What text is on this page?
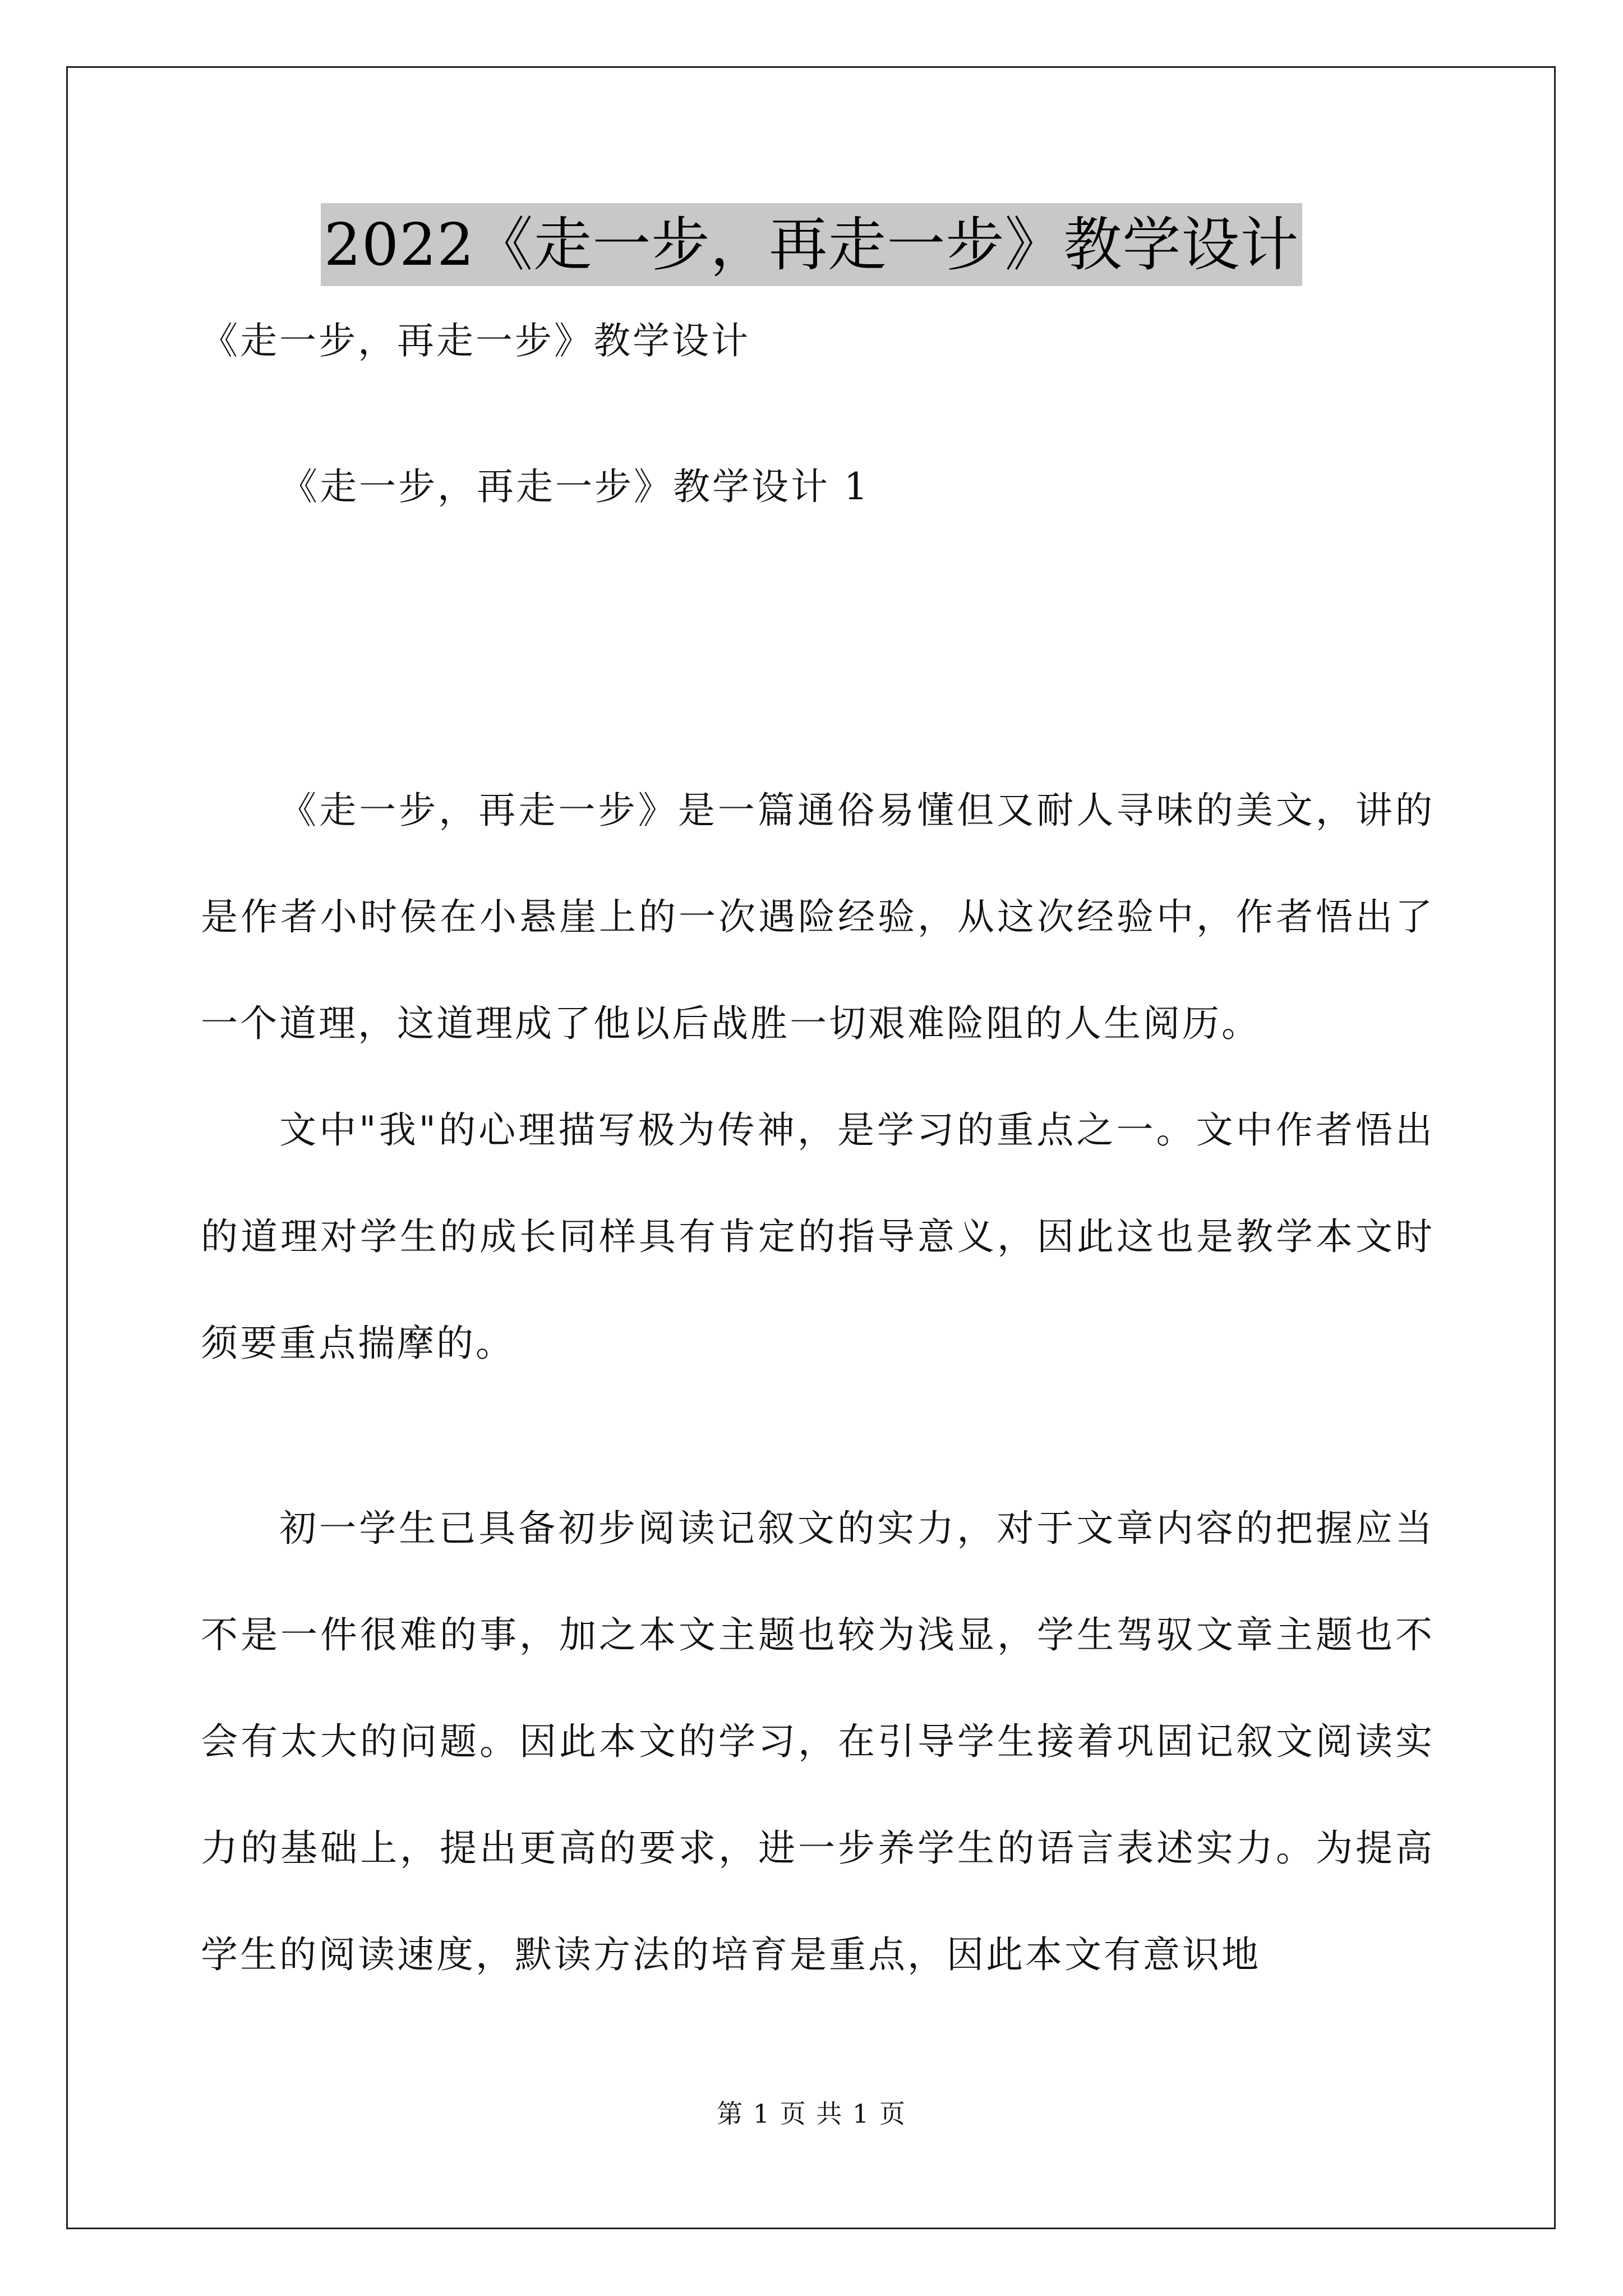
2022《走一步，再走一步》教学设计
《走一步，再走一步》教学设计
《走一步，再走一步》教学设计 1
《走一步，再走一步》是一篇通俗易懂但又耐人寻味的美文，讲的是作者小时侯在小悬崖上的一次遇险经验，从这次经验中，作者悟出了一个道理，这道理成了他以后战胜一切艰难险阻的人生阅历。
文中"我"的心理描写极为传神，是学习的重点之一。文中作者悟出的道理对学生的成长同样具有肯定的指导意义，因此这也是教学本文时须要重点揣摩的。
初一学生已具备初步阅读记叙文的实力，对于文章内容的把握应当不是一件很难的事，加之本文主题也较为浅显，学生驾驭文章主题也不会有太大的问题。因此本文的学习，在引导学生接着巩固记叙文阅读实力的基础上，提出更高的要求，进一步养学生的语言表述实力。为提高学生的阅读速度，默读方法的培育是重点，因此本文有意识地
第 1 页 共 1 页
